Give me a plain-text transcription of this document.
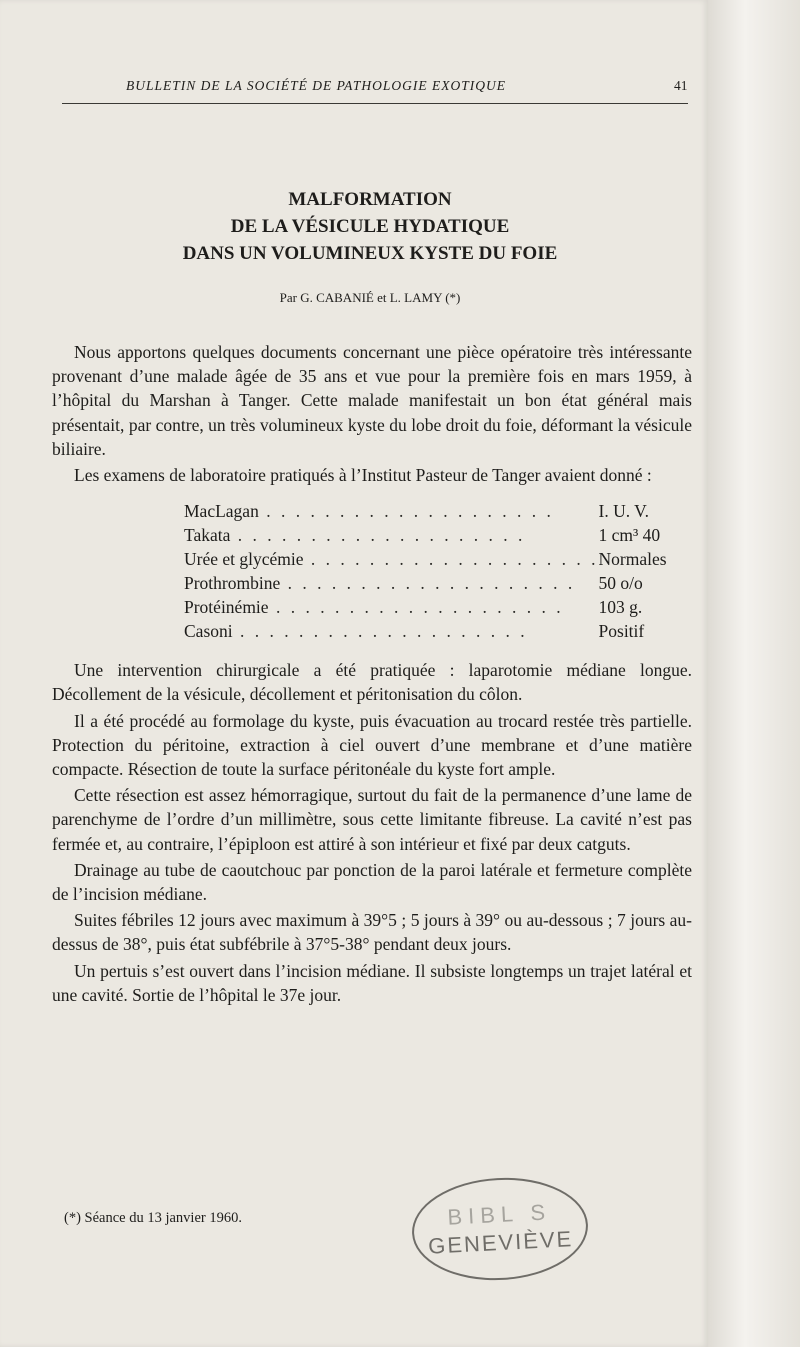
BULLETIN DE LA SOCIÉTÉ DE PATHOLOGIE EXOTIQUE	41
MALFORMATION
DE LA VÉSICULE HYDATIQUE
DANS UN VOLUMINEUX KYSTE DU FOIE
Par G. CABANIÉ et L. LAMY (*)

Nous apportons quelques documents concernant une pièce opératoire très intéressante provenant d’une malade âgée de 35 ans et vue pour la première fois en mars 1959, à l’hôpital du Marshan à Tanger. Cette malade manifestait un bon état général mais présentait, par contre, un très volumineux kyste du lobe droit du foie, déformant la vésicule biliaire.

Les examens de laboratoire pratiqués à l’Institut Pasteur de Tanger avaient donné :

MacLagan . . .	I. U. V.
Takata . . .	1 cm³ 40
Urée et glycémie . . .	Normales
Prothrombine . . .	50 o/o
Protéinémie . . .	103 g.
Casoni . . .	Positif

Une intervention chirurgicale a été pratiquée : laparotomie médiane longue. Décollement de la vésicule, décollement et péritonisation du côlon.

Il a été procédé au formolage du kyste, puis évacuation au trocard restée très partielle. Protection du péritoine, extraction à ciel ouvert d’une membrane et d’une matière compacte. Résection de toute la surface péritonéale du kyste fort ample.

Cette résection est assez hémorragique, surtout du fait de la permanence d’une lame de parenchyme de l’ordre d’un millimètre, sous cette limitante fibreuse. La cavité n’est pas fermée et, au contraire, l’épiploon est attiré à son intérieur et fixé par deux catguts.

Drainage au tube de caoutchouc par ponction de la paroi latérale et fermeture complète de l’incision médiane.

Suites fébriles 12 jours avec maximum à 39°5 ; 5 jours à 39° ou au-dessous ; 7 jours au-dessus de 38°, puis état subfébrile à 37°5-38° pendant deux jours.

Un pertuis s’est ouvert dans l’incision médiane. Il subsiste longtemps un trajet latéral et une cavité. Sortie de l’hôpital le 37e jour.

(*) Séance du 13 janvier 1960.	BIBL S
GENEVIÈVE
